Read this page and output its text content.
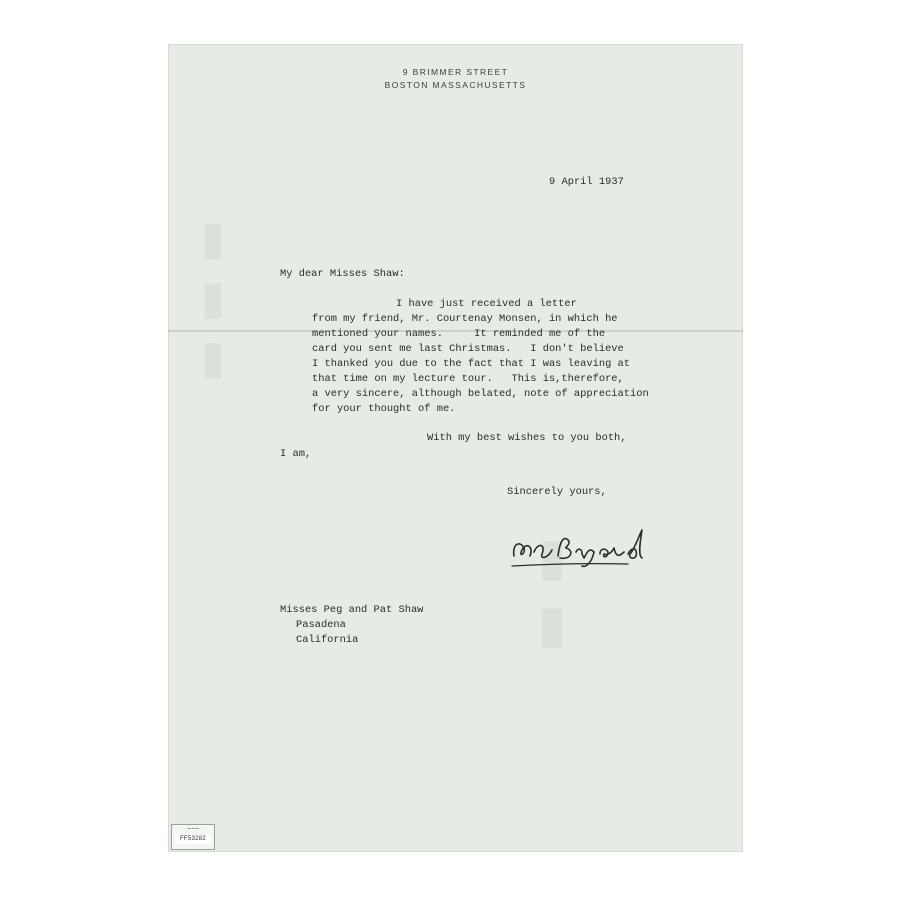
▬ ▬ ▬
▬ ▬
9 BRIMMER STREET
BOSTON MASSACHUSETTS
9 April 1937
My dear Misses Shaw:
I have just received a letter
from my friend, Mr. Courtenay Monsen, in which he
mentioned your names.     It reminded me of the
card you sent me last Christmas.   I don't believe
I thanked you due to the fact that I was leaving at
that time on my lecture tour.   This is,therefore,
a very sincere, although belated, note of appreciation
for your thought of me.
With my best wishes to you both,
I am,
Sincerely yours,
Misses Peg and Pat Shaw
Pasadena
California
~~~
FF53282
